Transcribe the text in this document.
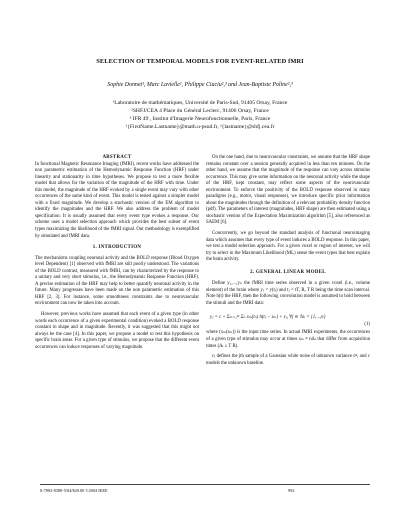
SELECTION OF TEMPORAL MODELS FOR EVENT-RELATED fMRI
Sophie Donnet¹, Marc Lavielle¹, Philippe Ciuciu²,³ and Jean-Baptiste Poline²,³
¹Laboratoire de mathématiques, Université de Paris-Sud, 91405 Orsay, France
²SHFJ/CEA 4 Place du Général Leclerc, 91406 Orsay, France
³ IFR 49 , Institut d'Imagerie Neurofonctionnelle, Paris, France
¹{FirstName.Lastname}@math.u-psud.fr, ²{lastname}@shfj.cea.fr
ABSTRACT

In functional Magnetic Resonance Imaging (fMRI), recent works have addressed the non parametric estimation of the Hemodynamic Response Function (HRF) under linearity and stationarity in time hypotheses. We propose to test a more flexible model that allows for the variation of the magnitude of the HRF with time. Under this model, the magnitude of the HRF evoked by a single event may vary with other occurrences of the same kind of event. This model is tested against a simpler model with a fixed magnitude. We develop a stochastic version of the EM algorithm to identify the magnitudes and the HRF. We also address the problem of model specification: It is usually assumed that every event type evokes a response. Our scheme uses a model selection approach which provides the best subset of event types maximizing the likelihood of the fMRI signal. Our methodology is exemplified by simulated and fMRI data.

1. INTRODUCTION

The mechanisms coupling neuronal activity and the BOLD response (Blood Oxygen level Dependent) [1] observed with fMRI are still poorly understood. The variations of the BOLD contrast, measured with fMRI, can by characterized by the response to a unitary and very short stimulus, i.e., the Hemodynamic Response Function (HRF). A precise estimation of the HRF may help to better quantify neuronal activity in the future. Many progresses have been made on the non parametric estimation of this HRF [2, 3]. For instance, some smoothness constraints due to neurovascular environment can now be taken into account.

However, previous works have assumed that each event of a given type (in other words each occurrence of a given experimental condition) evoked a BOLD response constant in shape and in magnitude. Recently, it was suggested that this might not always be the case [4]. In this paper, we propose a model to test this hypothesis on specific brain areas. For a given type of stimulus, we propose that the different event occurrences can induce responses of varying magnitude.

On the one hand, due to neurovascular constraints, we assume that the HRF shape remains constant over a session generally acquired in less than ten minutes. On the other hand, we assume that the magnitude of the response can vary across stimulus occurrence. This may give some information on the neuronal activity while the shape of the HRF, kept constant, may reflect some aspects of the neurovascular environment. To enforce the positivity of the BOLD response observed in many paradigms (e.g., motor, visual responses), we introduce specific prior information about the magnitudes through the definition of a relevant probability density function (pdf). The parameters of interest (magnitudes, HRF shape) are then estimated using a stochastic version of the Expectation Maximization algorithm [5], also referenced as SAEM [6].

Concurrently, we go beyond the standard analysis of functional neuroimaging data which assumes that every type of event induces a BOLD response. In this paper, we test a model selection approach. For a given voxel or region of interest, we will try to select in the Maximum Likelihood (ML) sense the event types that best explain the brain activity.

2. GENERAL LINEAR MODEL

Define y₁,...,yₙ the fMRI time series observed in a given voxel (i.e., volume element) of the brain where yⱼ = y(tⱼ) and tⱼ = tT, R, T R being the time scan interval. Note h(t) the HRF, then the following convolution model is assumed to hold between the stimuli and the fMRI data:

yⱼ = c + Σₘ₌₁ᴹ Σₙ xₘ(tₙ) h(tⱼ − sₘ) + εⱼ, ∀j ∈ ℕₙ = {1,...,n}
(1)

where (xₘ(sₘ)) is the input time series. In actual fMRI experiments, the occurrences of a given type of stimulus may occur at times sₘ ≠ nΔₜ that differ from acquisition times (Δₜ ≤ T R).

εⱼ defines the jth sample of a Gaussian white noise of unknown variance σ², and c models the unknown baseline.

0-7803-8388-5/04/$20.00 ©2004 IEEE	992
